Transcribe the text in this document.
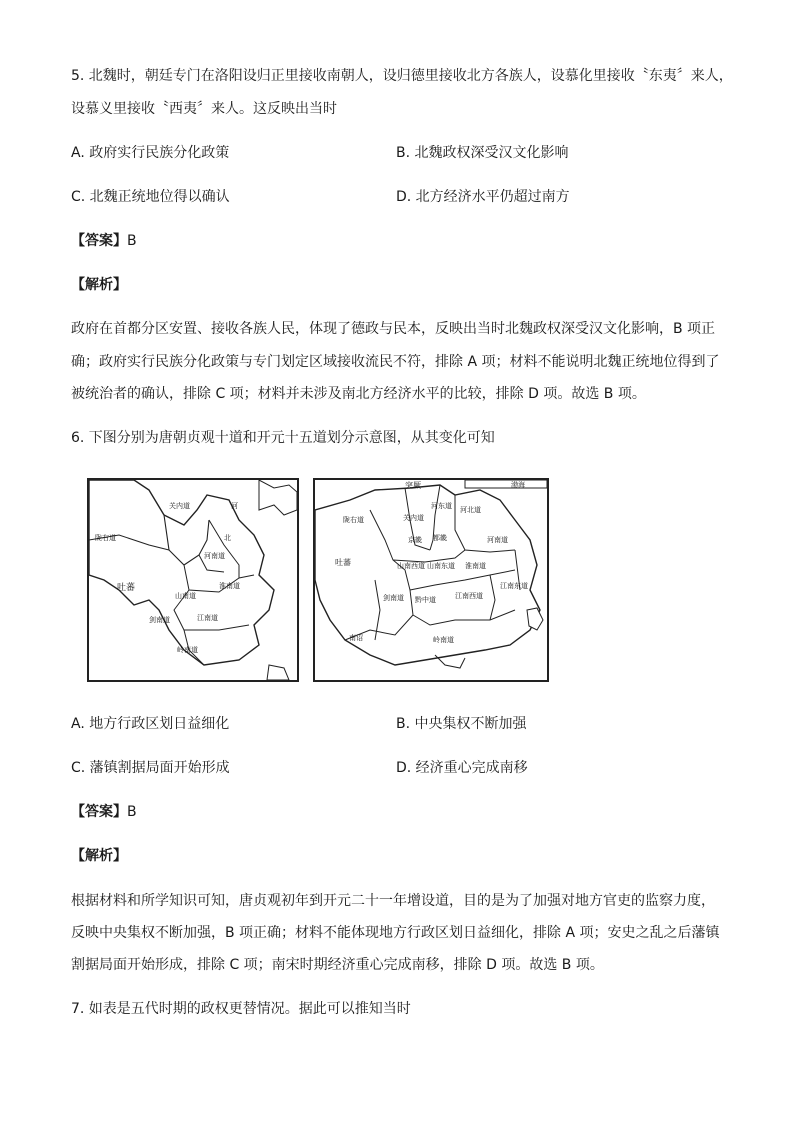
5. 北魏时，朝廷专门在洛阳设归正里接收南朝人，设归德里接收北方各族人，设慕化里接收〝东夷〞来人，
设慕义里接收〝西夷〞来人。这反映出当时
A. 政府实行民族分化政策	B. 北魏政权深受汉文化影响
C. 北魏正统地位得以确认	D. 北方经济水平仍超过南方
【答案】B
【解析】
政府在首都分区安置、接收各族人民，体现了德政与民本，反映出当时北魏政权深受汉文化影响，B 项正
确；政府实行民族分化政策与专门划定区域接收流民不符，排除 A 项；材料不能说明北魏正统地位得到了
被统治者的确认，排除 C 项；材料并未涉及南北方经济水平的比较，排除 D 项。故选 B 项。
6. 下图分别为唐朝贞观十道和开元十五道划分示意图，从其变化可知
关内道
陇右道
河
北
吐蕃
河南道
山南道
剑南道
淮南道
江南道
岭南道
突厥	渤海
陇右道	关内道
河东道 河北道
京畿 都畿	河南道
吐蕃	山南西道 山南东道 淮南道
剑南道 黔中道	江南西道
江南东道
南诏	岭南道
A. 地方行政区划日益细化	B. 中央集权不断加强
C. 藩镇割据局面开始形成	D. 经济重心完成南移
【答案】B
【解析】
根据材料和所学知识可知，唐贞观初年到开元二十一年增设道，目的是为了加强对地方官吏的监察力度，
反映中央集权不断加强，B 项正确；材料不能体现地方行政区划日益细化，排除 A 项；安史之乱之后藩镇
割据局面开始形成，排除 C 项；南宋时期经济重心完成南移，排除 D 项。故选 B 项。
7. 如表是五代时期的政权更替情况。据此可以推知当时
